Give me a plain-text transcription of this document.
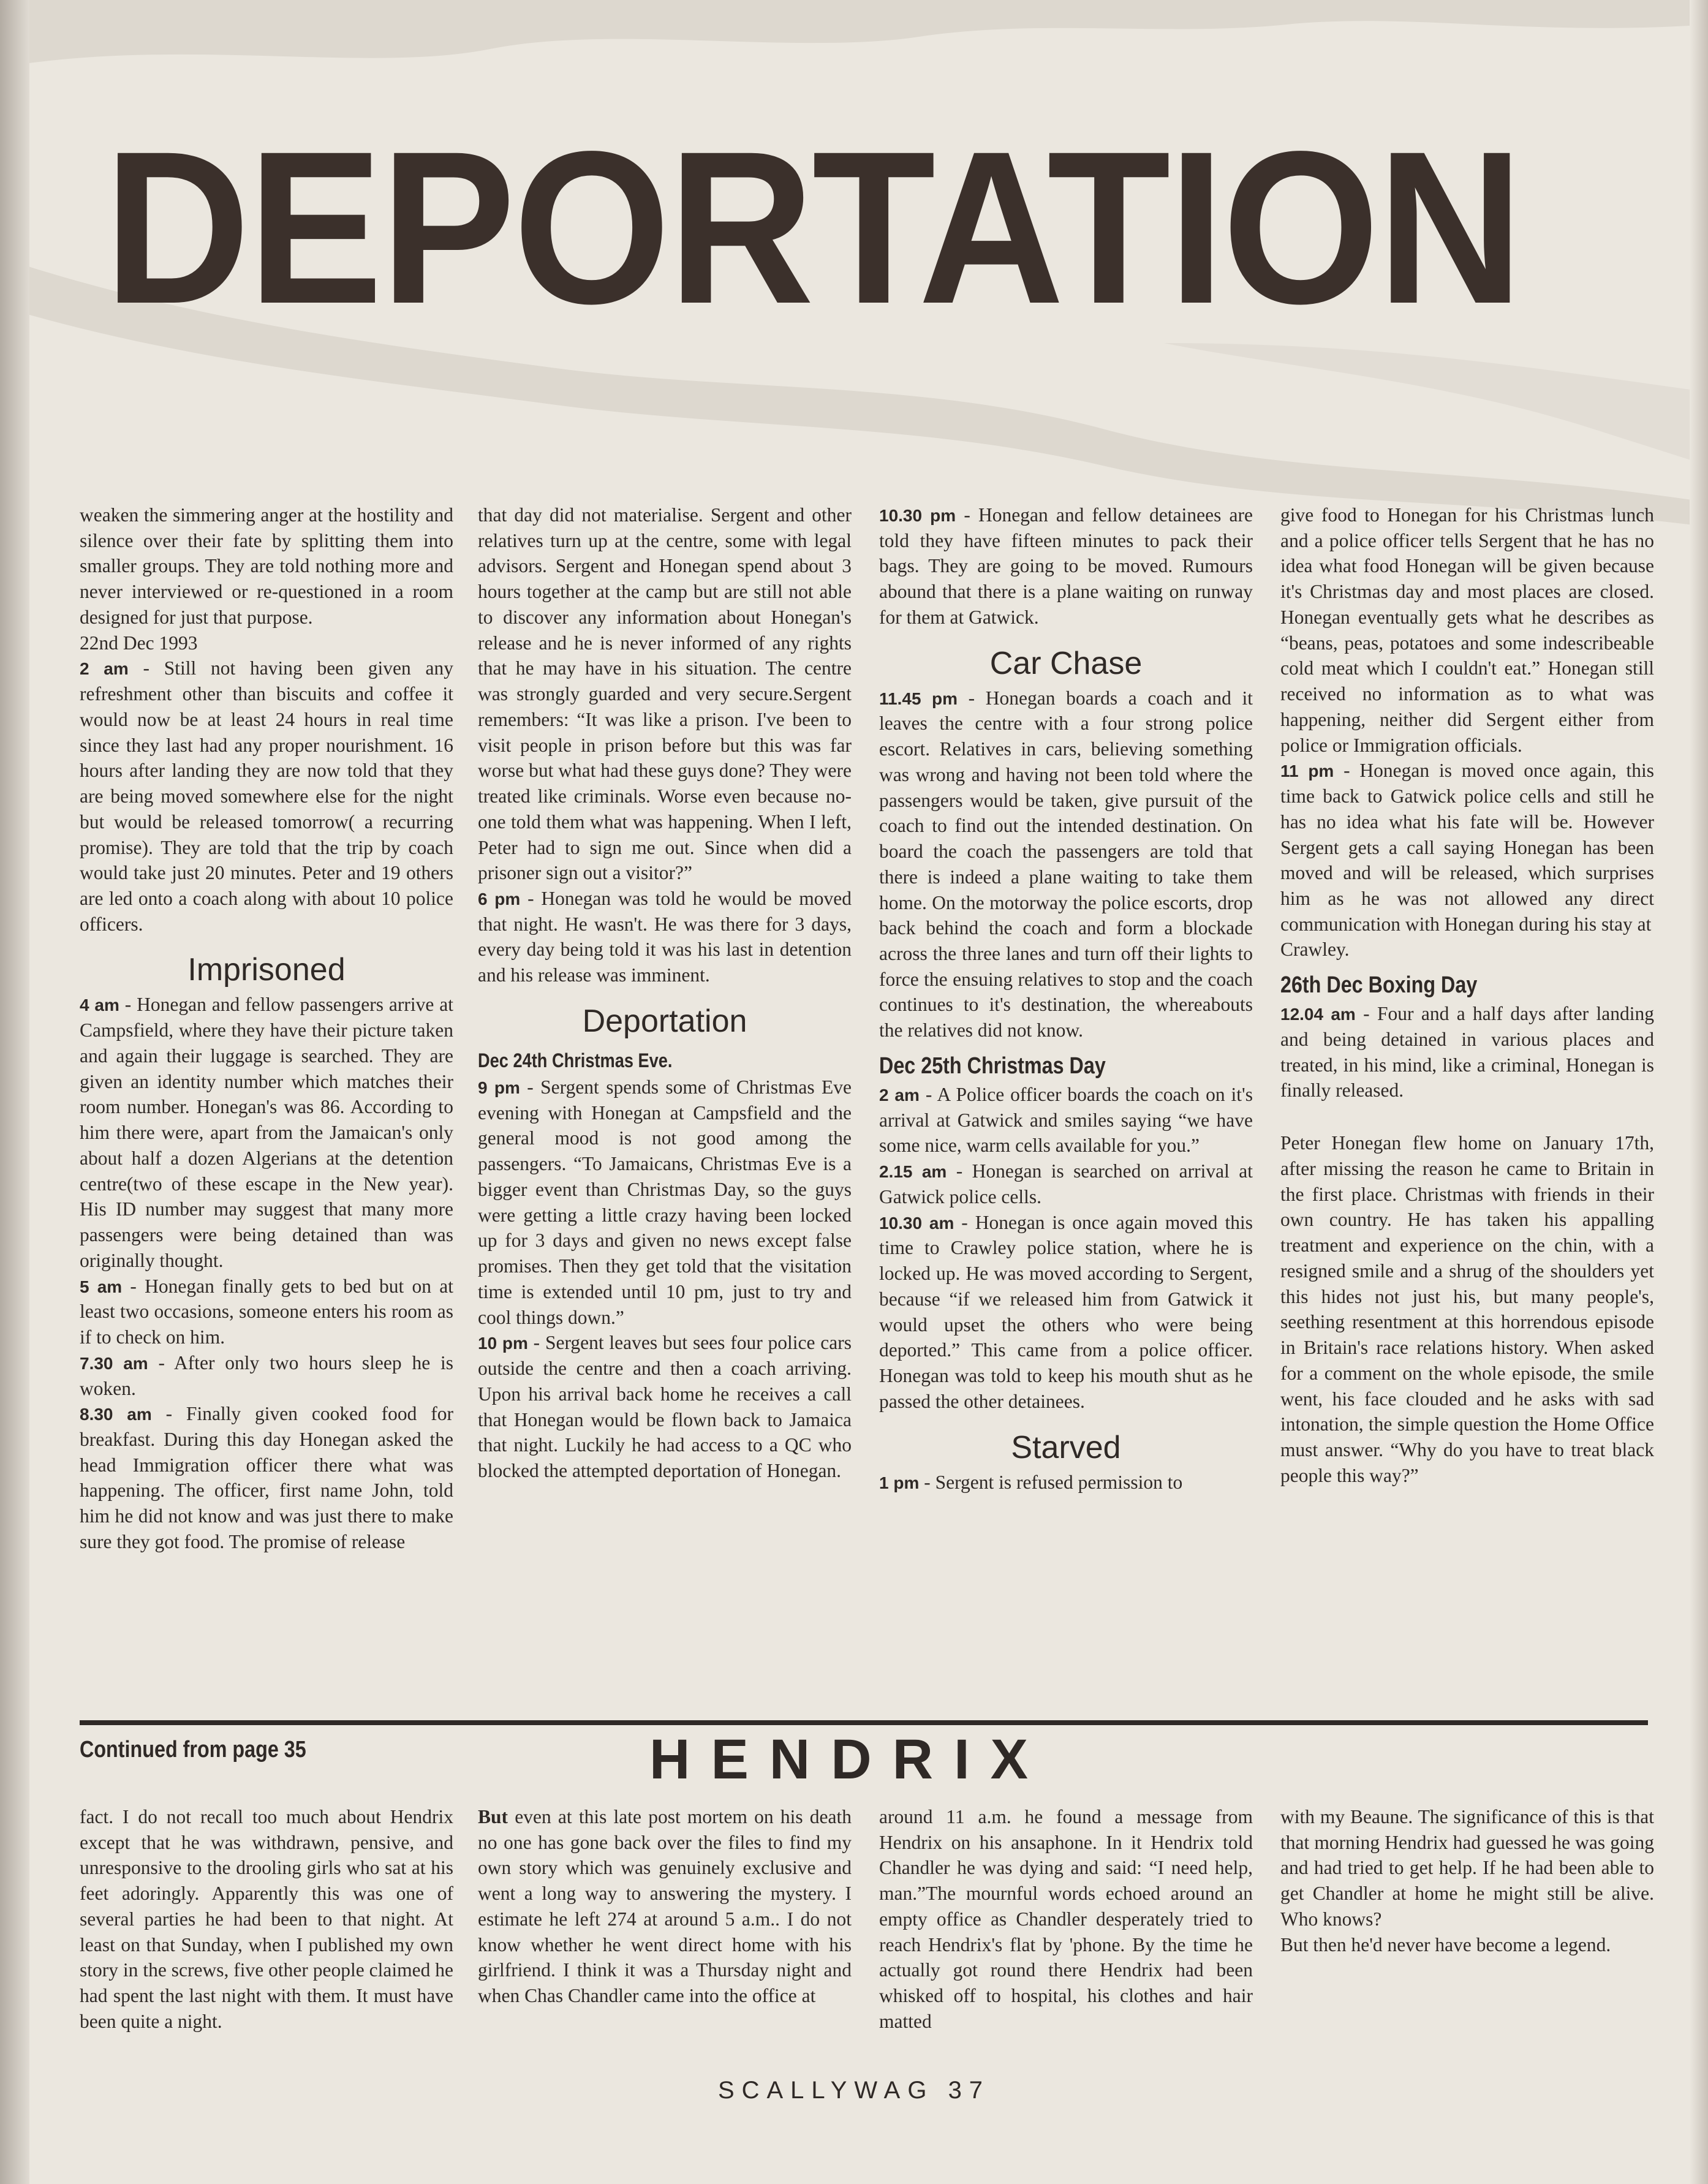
DEPORTATION

weaken the simmering anger at the hostility and silence over their fate by splitting them into smaller groups. They are told nothing more and never interviewed or re-questioned in a room designed for just that purpose.

22nd Dec 1993

2 am - Still not having been given any refreshment other than biscuits and coffee it would now be at least 24 hours in real time since they last had any proper nourishment. 16 hours after landing they are now told that they are being moved somewhere else for the night but would be released tomorrow( a recurring promise). They are told that the trip by coach would take just 20 minutes. Peter and 19 others are led onto a coach along with about 10 police officers.

Imprisoned

4 am - Honegan and fellow passengers arrive at Campsfield, where they have their picture taken and again their luggage is searched. They are given an identity number which matches their room number. Honegan's was 86. According to him there were, apart from the Jamaican's only about half a dozen Algerians at the detention centre(two of these escape in the New year). His ID number may suggest that many more passengers were being detained than was originally thought.

5 am - Honegan finally gets to bed but on at least two occasions, someone enters his room as if to check on him.

7.30 am - After only two hours sleep he is woken.

8.30 am - Finally given cooked food for breakfast. During this day Honegan asked the head Immigration officer there what was happening. The officer, first name John, told him he did not know and was just there to make sure they got food. The promise of release

that day did not materialise. Sergent and other relatives turn up at the centre, some with legal advisors. Sergent and Honegan spend about 3 hours together at the camp but are still not able to discover any information about Honegan's release and he is never informed of any rights that he may have in his situation. The centre was strongly guarded and very secure.Sergent remembers: “It was like a prison. I've been to visit people in prison before but this was far worse but what had these guys done? They were treated like criminals. Worse even because no-one told them what was happening. When I left, Peter had to sign me out. Since when did a prisoner sign out a visitor?”

6 pm - Honegan was told he would be moved that night. He wasn't. He was there for 3 days, every day being told it was his last in detention and his release was imminent.

Deportation
Dec 24th Christmas Eve.

9 pm - Sergent spends some of Christmas Eve evening with Honegan at Campsfield and the general mood is not good among the passengers. “To Jamaicans, Christmas Eve is a bigger event than Christmas Day, so the guys were getting a little crazy having been locked up for 3 days and given no news except false promises. Then they get told that the visitation time is extended until 10 pm, just to try and cool things down.”

10 pm - Sergent leaves but sees four police cars outside the centre and then a coach arriving. Upon his arrival back home he receives a call that Honegan would be flown back to Jamaica that night. Luckily he had access to a QC who blocked the attempted deportation of Honegan.

10.30 pm - Honegan and fellow detainees are told they have fifteen minutes to pack their bags. They are going to be moved. Rumours abound that there is a plane waiting on runway for them at Gatwick.

Car Chase

11.45 pm - Honegan boards a coach and it leaves the centre with a four strong police escort. Relatives in cars, believing something was wrong and having not been told where the passengers would be taken, give pursuit of the coach to find out the intended destination. On board the coach the passengers are told that there is indeed a plane waiting to take them home. On the motorway the police escorts, drop back behind the coach and form a blockade across the three lanes and turn off their lights to force the ensuing relatives to stop and the coach continues to it's destination, the whereabouts the relatives did not know.

Dec 25th Christmas Day

2 am - A Police officer boards the coach on it's arrival at Gatwick and smiles saying “we have some nice, warm cells available for you.”

2.15 am - Honegan is searched on arrival at Gatwick police cells.

10.30 am - Honegan is once again moved this time to Crawley police station, where he is locked up. He was moved according to Sergent, because “if we released him from Gatwick it would upset the others who were being deported.” This came from a police officer. Honegan was told to keep his mouth shut as he passed the other detainees.

Starved

1 pm - Sergent is refused permission to

give food to Honegan for his Christmas lunch and a police officer tells Sergent that he has no idea what food Honegan will be given because it's Christmas day and most places are closed. Honegan eventually gets what he describes as “beans, peas, potatoes and some indescribeable cold meat which I couldn't eat.” Honegan still received no information as to what was happening, neither did Sergent either from police or Immigration officials.

11 pm - Honegan is moved once again, this time back to Gatwick police cells and still he has no idea what his fate will be. However Sergent gets a call saying Honegan has been moved and will be released, which surprises him as he was not allowed any direct communication with Honegan during his stay at

Crawley.

26th Dec Boxing Day

12.04 am - Four and a half days after landing and being detained in various places and treated, in his mind, like a criminal, Honegan is finally released.

Peter Honegan flew home on January 17th, after missing the reason he came to Britain in the first place. Christmas with friends in their own country. He has taken his appalling treatment and experience on the chin, with a resigned smile and a shrug of the shoulders yet this hides not just his, but many people's, seething resentment at this horrendous episode in Britain's race relations history. When asked for a comment on the whole episode, the smile went, his face clouded and he asks with sad intonation, the simple question the Home Office must answer. “Why do you have to treat black people this way?”

Continued from page 35	HENDRIX

fact. I do not recall too much about Hendrix except that he was withdrawn, pensive, and unresponsive to the drooling girls who sat at his feet adoringly. Apparently this was one of several parties he had been to that night. At least on that Sunday, when I published my own story in the screws, five other people claimed he had spent the last night with them. It must have been quite a night.

But even at this late post mortem on his death no one has gone back over the files to find my own story which was genuinely exclusive and went a long way to answering the mystery. I estimate he left 274 at around 5 a.m.. I do not know whether he went direct home with his girlfriend. I think it was a Thursday night and when Chas Chandler came into the office at

around 11 a.m. he found a message from Hendrix on his ansaphone. In it Hendrix told Chandler he was dying and said: “I need help, man.”The mournful words echoed around an empty office as Chandler desperately tried to reach Hendrix's flat by 'phone. By the time he actually got round there Hendrix had been whisked off to hospital, his clothes and hair matted

with my Beaune. The significance of this is that that morning Hendrix had guessed he was going and had tried to get help. If he had been able to get Chandler at home he might still be alive. Who knows?

But then he'd never have become a legend.

SCALLYWAG 37
